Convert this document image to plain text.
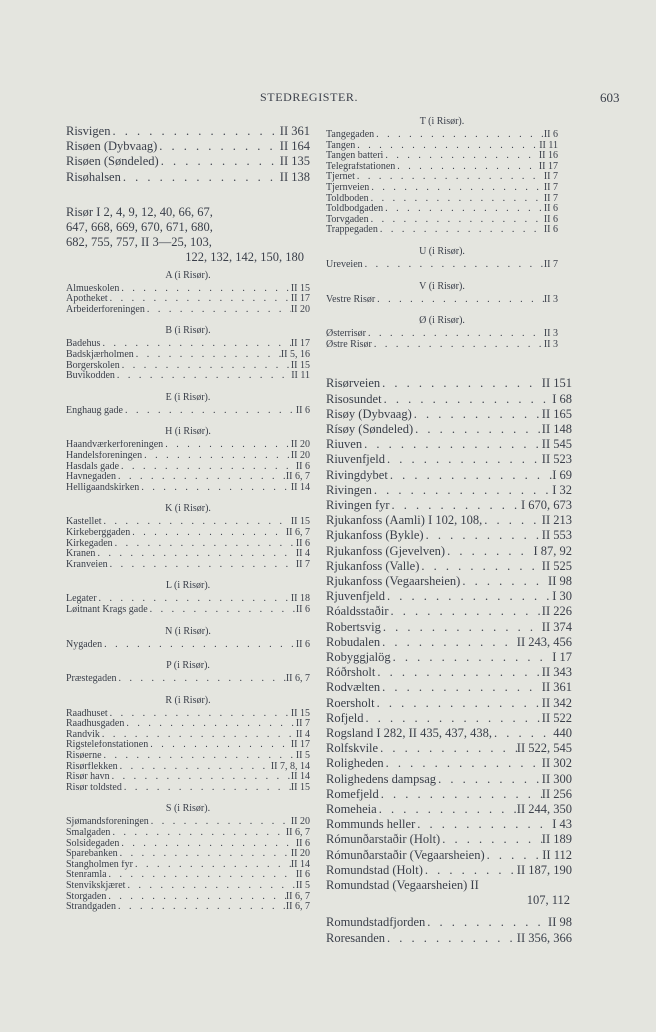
STEDREGISTER.	603
Risvigen . . .	II 361
Risøen (Dybvaag) . . .	II 164
Risøen (Søndeled) . . .	II 135
Risøhalsen . . .	II 138
Risør I 2, 4, 9, 12, 40, 66, 67,
647, 668, 669, 670, 671, 680,
682, 755, 757, II 3—25, 103,
122, 132, 142, 150, 180
A (i Risør).
Almueskolen . . .	II 15
Apotheket . . .	II 17
Arbeiderforeningen . . .	II 20
B (i Risør).
Badehus . . .	II 17
Badskjærholmen . . .	II 5, 16
Borgerskolen . . .	II 15
Buvikodden . . .	II 11
E (i Risør).
Enghaug gade . . .	II 6
H (i Risør).
Haandværkerforeningen . . .	II 20
Handelsforeningen . . .	II 20
Hasdals gade . . .	II 6
Havnegaden . . .	II 6, 7
Helligaandskirken . . .	II 14
K (i Risør).
Kastellet . . .	II 15
Kirkeberggaden . . .	II 6, 7
Kirkegaden . . .	II 6
Kranen . . .	II 4
Kranveien . . .	II 7
L (i Risør).
Legater . . .	II 18
Løitnant Krags gade . . .	II 6
N (i Risør).
Nygaden . . .	II 6
P (i Risør).
Præstegaden . . .	II 6, 7
R (i Risør).
Raadhuset . . .	II 15
Raadhusgaden . . .	II 7
Randvik . . .	II 4
Rigstelefonstationen . . .	II 17
Risøerne . . .	II 5
Risørflekken . . .	II 7, 8, 14
Risør havn . . .	II 14
Risør toldsted . . .	II 15
S (i Risør).
Sjømandsforeningen . . .	II 20
Smalgaden . . .	II 6, 7
Solsidegaden . . .	II 6
Sparebanken . . .	II 20
Stangholmen fyr . . .	II 14
Stenramla . . .	II 6
Stenvikskjæret . . .	II 5
Storgaden . . .	II 6, 7
Strandgaden . . .	II 6, 7
T (i Risør).
Tangegaden . . .	II 6
Tangen . . .	II 11
Tangen batteri . . .	II 16
Telegrafstationen . . .	II 17
Tjernet . . .	II 7
Tjernveien . . .	II 7
Toldboden . . .	II 7
Toldbodgaden . . .	II 6
Torvgaden . . .	II 6
Trappegaden . . .	II 6
U (i Risør).
Ureveien . . .	II 7
V (i Risør).
Vestre Risør . . .	II 3
Ø (i Risør).
Østerrisør . . .	II 3
Østre Risør . . .	II 3
Risørveien . . .	II 151
Risosundet . . .	I 68
Risøy (Dybvaag) . . .	II 165
Rísøy (Søndeled) . . .	II 148
Riuven . . .	II 545
Riuvenfjeld . . .	II 523
Rivingdybet . . .	I 69
Rivingen . . .	I 32
Rivingen fyr . . .	I 670, 673
Rjukanfoss (Aamli) I 102, 108, . . .	II 213
Rjukanfoss (Bykle) . . .	II 553
Rjukanfoss (Gjevelven) . . .	I 87, 92
Rjukanfoss (Valle) . . .	II 525
Rjukanfoss (Vegaarsheien) . . .	II 98
Rjuvenfjeld . . .	I 30
Róaldsstaðir . . .	II 226
Robertsvig . . .	II 374
Robudalen . . .	II 243, 456
Robyggjalög . . .	I 17
Róðrsholt . . .	II 343
Rodvælten . . .	II 361
Roersholt . . .	II 342
Rofjeld . . .	II 522
Rogsland I 282, II 435, 437, 438, . . .	440
Rolfskvile . . .	II 522, 545
Roligheden . . .	II 302
Rolighedens dampsag . . .	II 300
Romefjeld . . .	II 256
Romeheia . . .	II 244, 350
Rommunds heller . . .	I 43
Rómunðarstaðir (Holt) . . .	II 189
Rómunðarstaðir (Vegaarsheien) . . .	II 112
Romundstad (Holt) . . .	II 187, 190
Romundstad (Vegaarsheien) II
107, 112
Romundstadfjorden . . .	II 98
Roresanden . . .	II 356, 366
